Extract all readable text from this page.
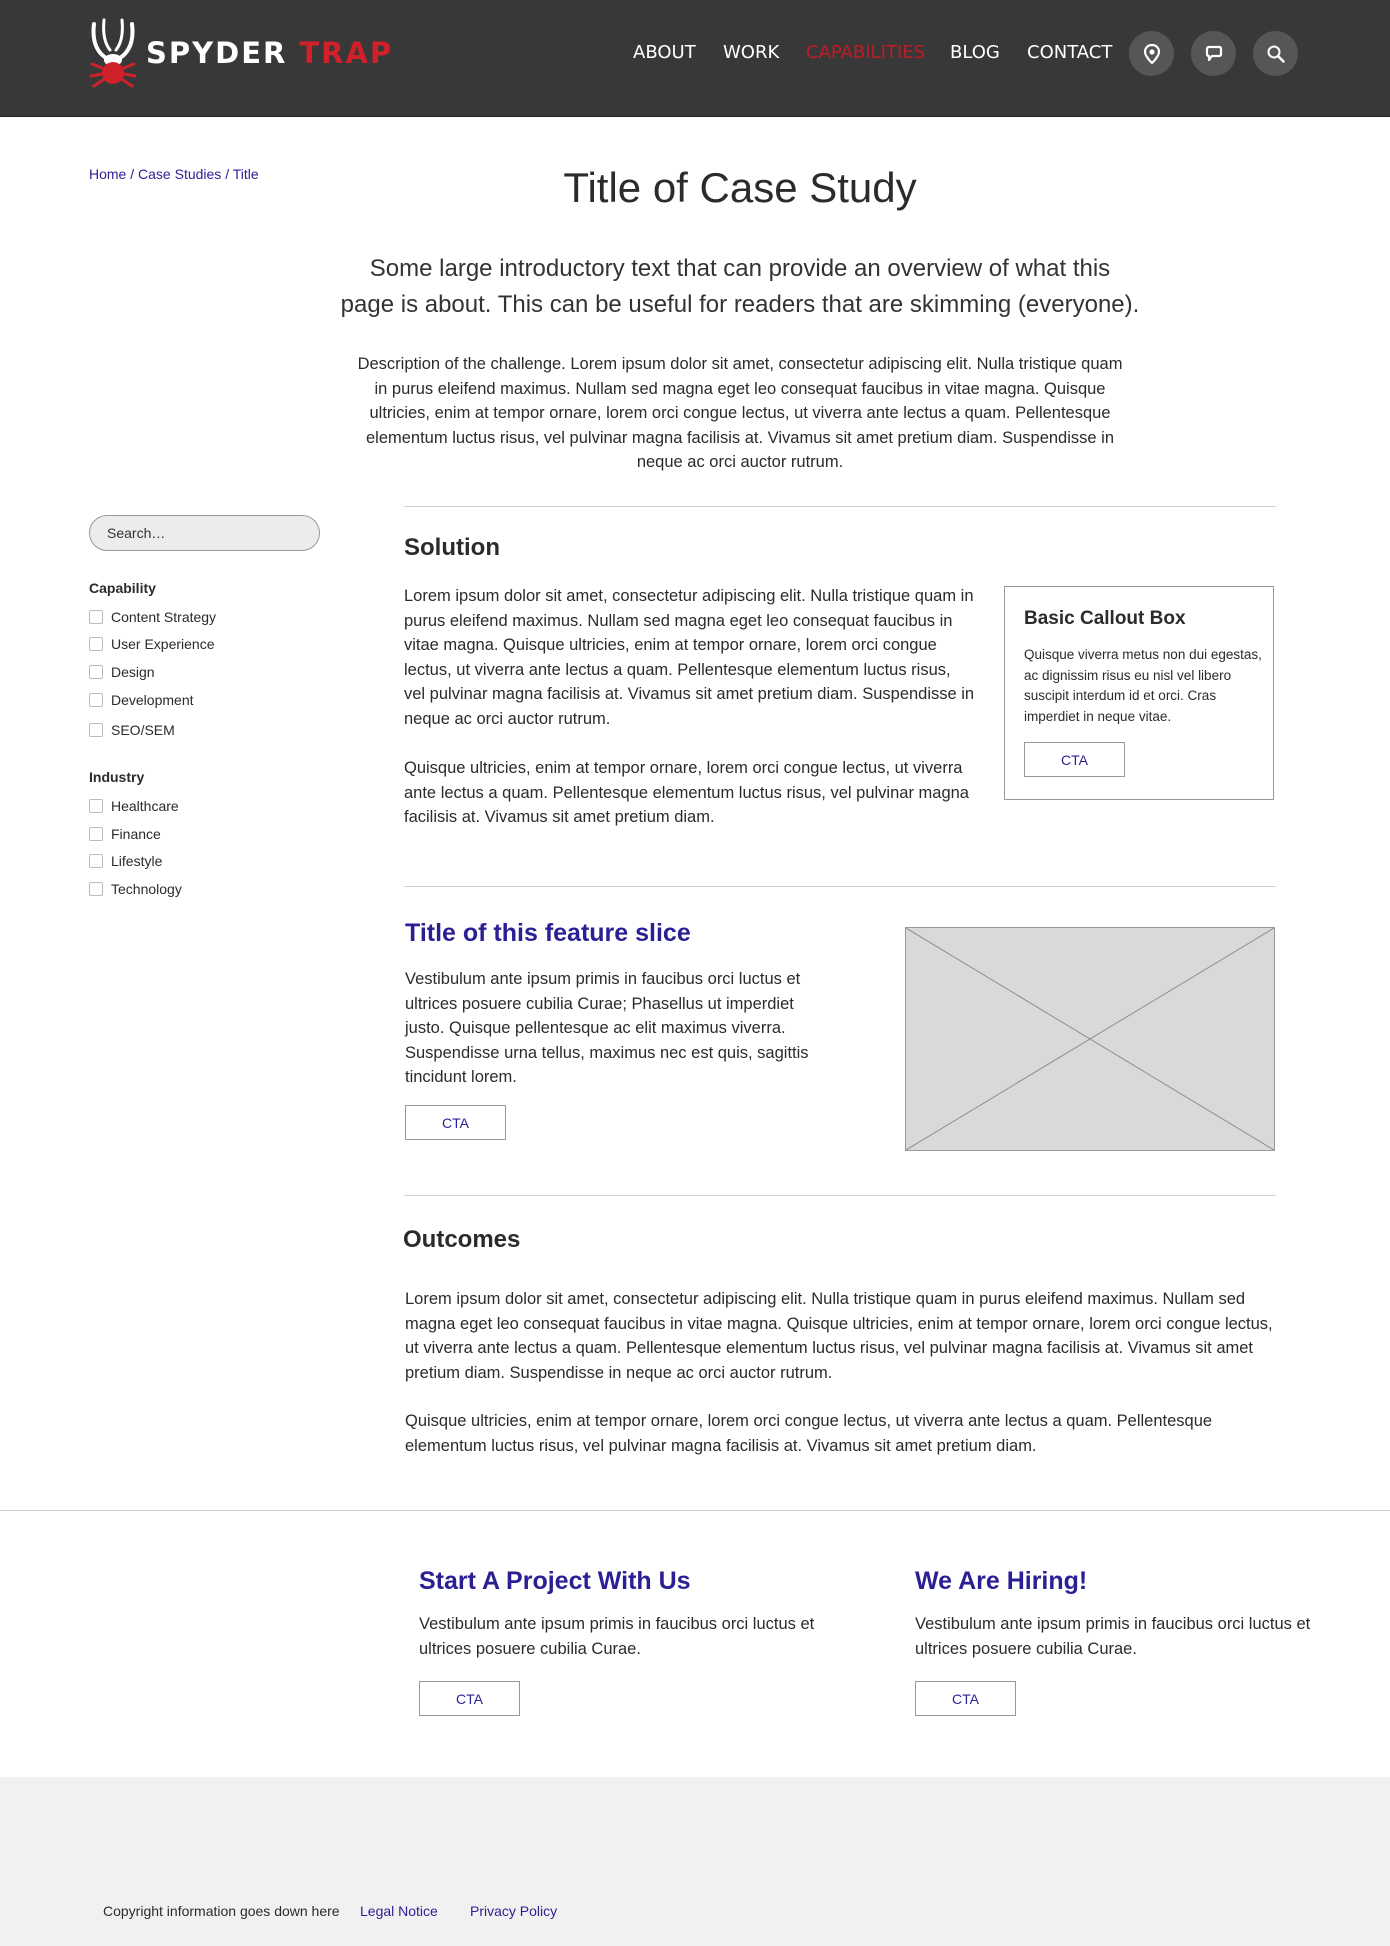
SPYDER TRAP	ABOUT WORK CAPABILITIES BLOG CONTACT
Home / Case Studies / Title	Title of Case Study

Some large introductory text that can provide an overview of what this page is about. This can be useful for readers that are skimming (everyone).

Description of the challenge. Lorem ipsum dolor sit amet, consectetur adipiscing elit. Nulla tristique quam in purus eleifend maximus. Nullam sed magna eget leo consequat faucibus in vitae magna. Quisque ultricies, enim at tempor ornare, lorem orci congue lectus, ut viverra ante lectus a quam. Pellentesque elementum luctus risus, vel pulvinar magna facilisis at. Vivamus sit amet pretium diam. Suspendisse in neque ac orci auctor rutrum.

Search…
Capability
Content Strategy
User Experience
Design
Development
SEO/SEM
Industry
Healthcare
Finance
Lifestyle
Technology
Solution

Lorem ipsum dolor sit amet, consectetur adipiscing elit. Nulla tristique quam in purus eleifend maximus. Nullam sed magna eget leo consequat faucibus in vitae magna. Quisque ultricies, enim at tempor ornare, lorem orci congue lectus, ut viverra ante lectus a quam. Pellentesque elementum luctus risus, vel pulvinar magna facilisis at. Vivamus sit amet pretium diam. Suspendisse in neque ac orci auctor rutrum.

Quisque ultricies, enim at tempor ornare, lorem orci congue lectus, ut viverra ante lectus a quam. Pellentesque elementum luctus risus, vel pulvinar magna facilisis at. Vivamus sit amet pretium diam.

Basic Callout Box
Quisque viverra metus non dui egestas, ac dignissim risus eu nisl vel libero suscipit interdum id et orci. Cras imperdiet in neque vitae.
CTA
Title of this feature slice

Vestibulum ante ipsum primis in faucibus orci luctus et ultrices posuere cubilia Curae; Phasellus ut imperdiet justo. Quisque pellentesque ac elit maximus viverra. Suspendisse urna tellus, maximus nec est quis, sagittis tincidunt lorem.

CTA
Outcomes

Lorem ipsum dolor sit amet, consectetur adipiscing elit. Nulla tristique quam in purus eleifend maximus. Nullam sed magna eget leo consequat faucibus in vitae magna. Quisque ultricies, enim at tempor ornare, lorem orci congue lectus, ut viverra ante lectus a quam. Pellentesque elementum luctus risus, vel pulvinar magna facilisis at. Vivamus sit amet pretium diam. Suspendisse in neque ac orci auctor rutrum.

Quisque ultricies, enim at tempor ornare, lorem orci congue lectus, ut viverra ante lectus a quam. Pellentesque elementum luctus risus, vel pulvinar magna facilisis at. Vivamus sit amet pretium diam.

Start A Project With Us

Vestibulum ante ipsum primis in faucibus orci luctus et ultrices posuere cubilia Curae.

CTA
We Are Hiring!

Vestibulum ante ipsum primis in faucibus orci luctus et ultrices posuere cubilia Curae.

CTA
Copyright information goes down here Legal Notice Privacy Policy
